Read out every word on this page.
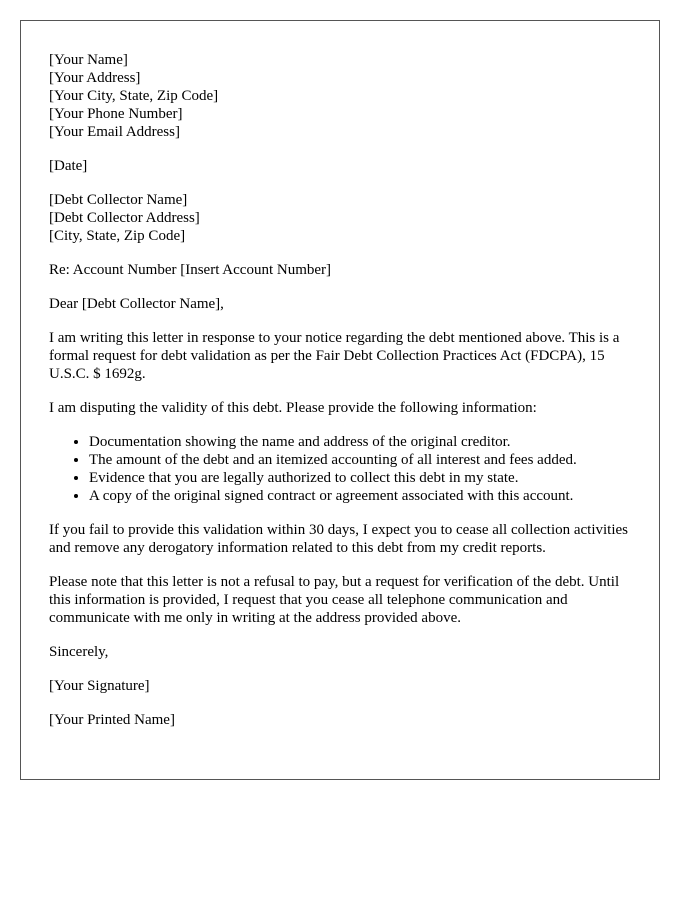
[Your Name]
[Your Address]
[Your City, State, Zip Code]
[Your Phone Number]
[Your Email Address]

[Date]

[Debt Collector Name]
[Debt Collector Address]
[City, State, Zip Code]

Re: Account Number [Insert Account Number]

Dear [Debt Collector Name],

I am writing this letter in response to your notice regarding the debt mentioned above. This is a formal request for debt validation as per the Fair Debt Collection Practices Act (FDCPA), 15 U.S.C. $ 1692g.

I am disputing the validity of this debt. Please provide the following information:

• Documentation showing the name and address of the original creditor.
• The amount of the debt and an itemized accounting of all interest and fees added.
• Evidence that you are legally authorized to collect this debt in my state.
• A copy of the original signed contract or agreement associated with this account.

If you fail to provide this validation within 30 days, I expect you to cease all collection activities and remove any derogatory information related to this debt from my credit reports.

Please note that this letter is not a refusal to pay, but a request for verification of the debt. Until this information is provided, I request that you cease all telephone communication and communicate with me only in writing at the address provided above.

Sincerely,

[Your Signature]

[Your Printed Name]
